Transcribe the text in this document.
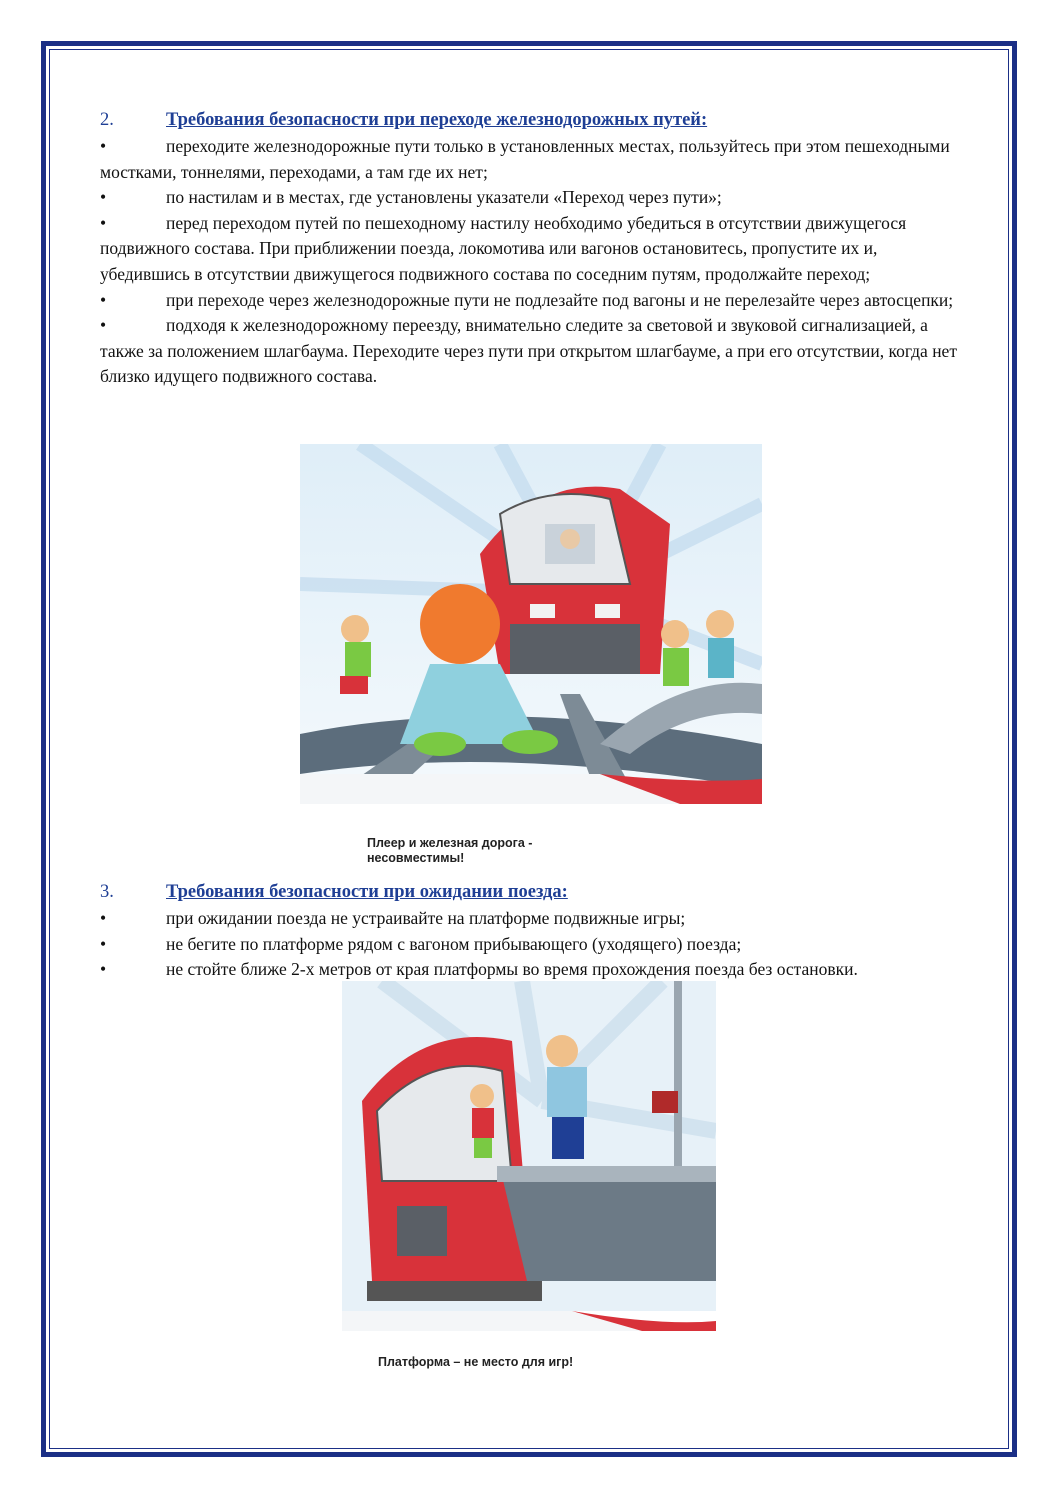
2.	Требования безопасности при переходе железнодорожных путей:
•	переходите железнодорожные пути только в установленных местах, пользуйтесь при этом пешеходными мостками, тоннелями, переходами, а там где их нет;
•	по настилам и в местах, где установлены указатели «Переход через пути»;
•	перед переходом путей по пешеходному настилу необходимо убедиться в отсутствии движущегося подвижного состава. При приближении поезда, локомотива или вагонов остановитесь, пропустите их и, убедившись в отсутствии движущегося подвижного состава по соседним путям, продолжайте переход;
•	при переходе через железнодорожные пути не подлезайте под вагоны и не перелезайте через автосцепки;
•	подходя к железнодорожному переезду, внимательно следите за световой и звуковой сигнализацией, а также за положением шлагбаума. Переходите через пути при открытом шлагбауме, а при его отсутствии, когда нет близко идущего подвижного состава.
Плеер и железная дорога -
несовместимы!
3.	Требования безопасности при ожидании поезда:
•	при ожидании поезда не устраивайте на платформе подвижные игры;
•	не бегите по платформе рядом с вагоном прибывающего (уходящего) поезда;
•	не стойте ближе 2-х метров от края платформы во время прохождения поезда без остановки.
Платформа – не место для игр!
